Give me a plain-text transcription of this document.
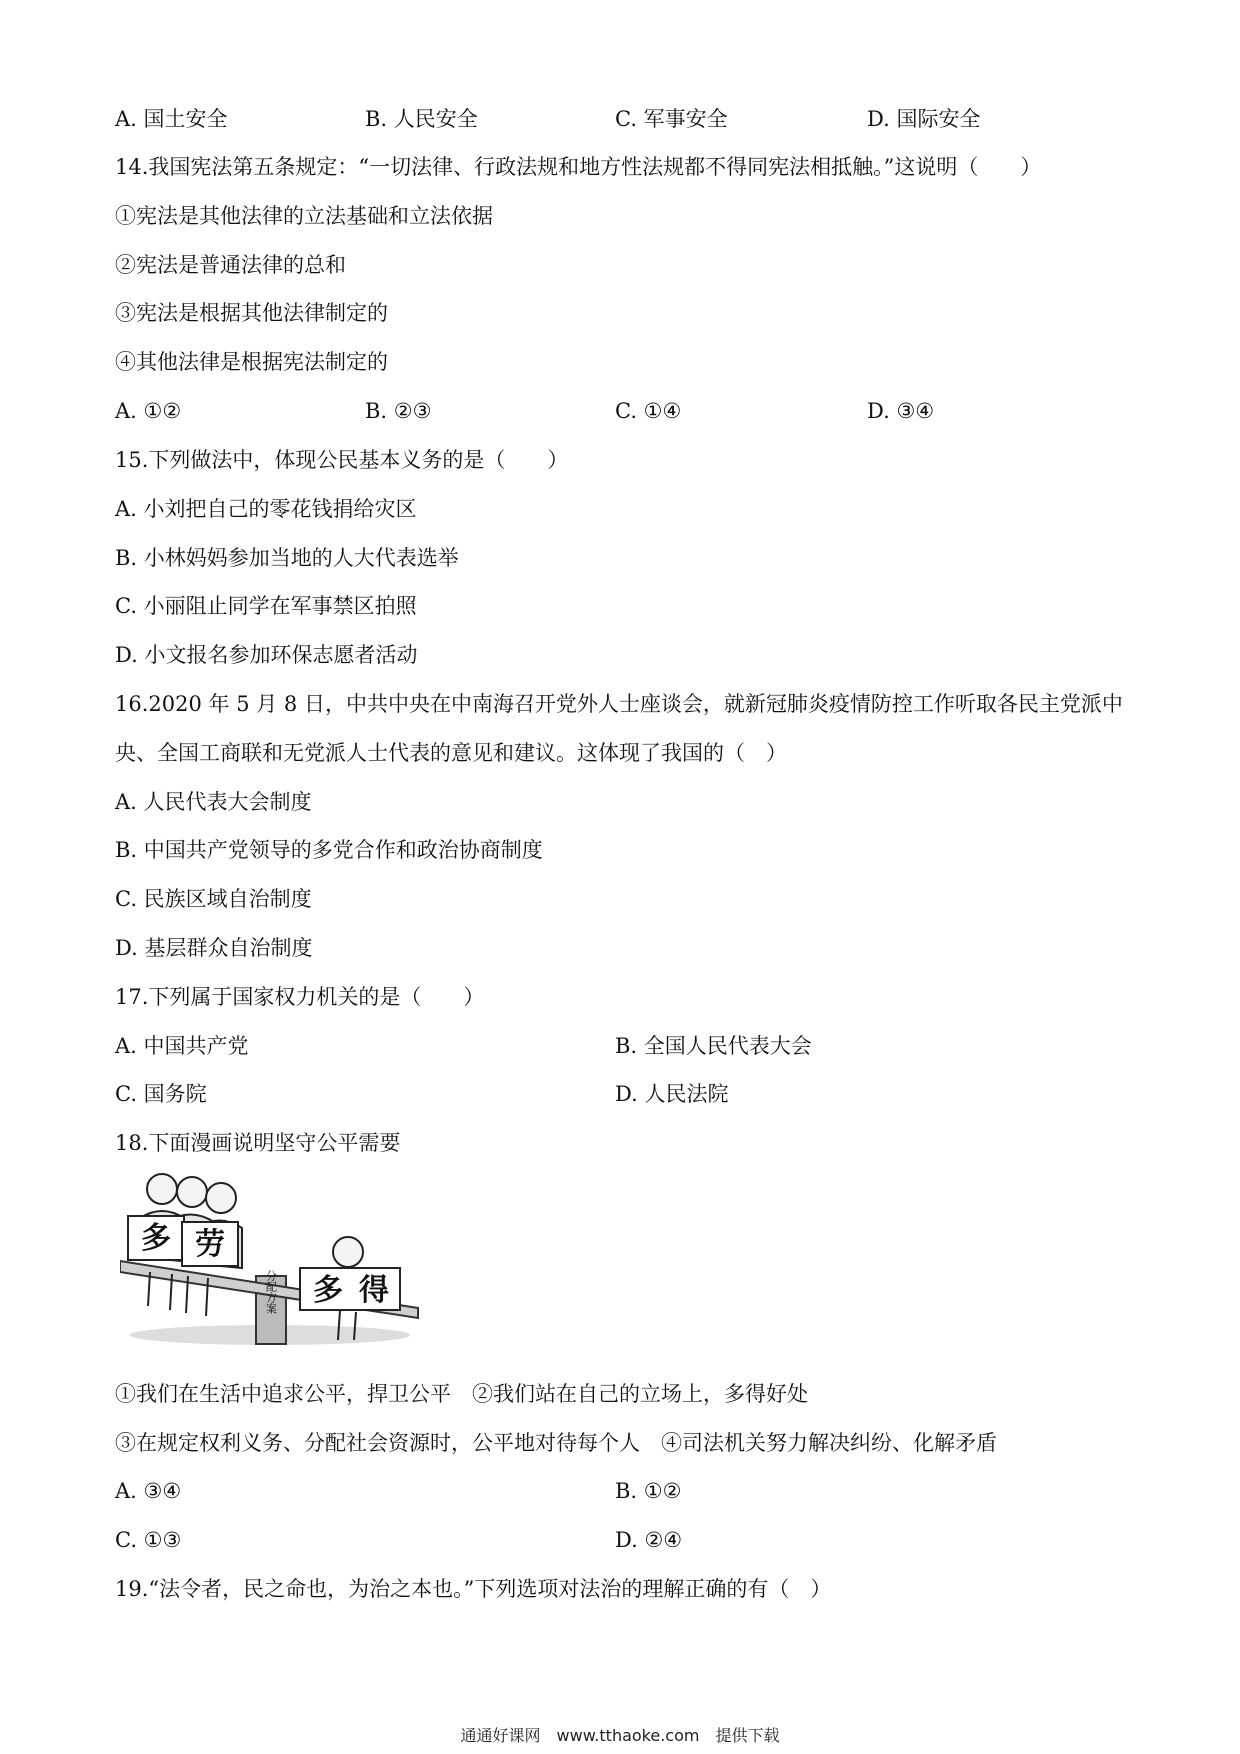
A. 国土安全	B. 人民安全	C. 军事安全	D. 国际安全
14.我国宪法第五条规定：“一切法律、行政法规和地方性法规都不得同宪法相抵触。”这说明（　　）
①宪法是其他法律的立法基础和立法依据
②宪法是普通法律的总和
③宪法是根据其他法律制定的
④其他法律是根据宪法制定的
A. ①②	B. ②③	C. ①④	D. ③④
15.下列做法中，体现公民基本义务的是（　　）
A. 小刘把自己的零花钱捐给灾区
B. 小林妈妈参加当地的人大代表选举
C. 小丽阻止同学在军事禁区拍照
D. 小文报名参加环保志愿者活动
16.2020 年 5 月 8 日，中共中央在中南海召开党外人士座谈会，就新冠肺炎疫情防控工作听取各民主党派中
央、全国工商联和无党派人士代表的意见和建议。这体现了我国的（　）
A. 人民代表大会制度
B. 中国共产党领导的多党合作和政治协商制度
C. 民族区域自治制度
D. 基层群众自治制度
17.下列属于国家权力机关的是（　　）
A. 中国共产党	B. 全国人民代表大会
C. 国务院	D. 人民法院
18.下面漫画说明坚守公平需要
多 劳
多 得
分配方案
①我们在生活中追求公平，捍卫公平　②我们站在自己的立场上，多得好处
③在规定权利义务、分配社会资源时，公平地对待每个人　④司法机关努力解决纠纷、化解矛盾
A. ③④	B. ①②
C. ①③	D. ②④
19.“法令者，民之命也，为治之本也。”下列选项对法治的理解正确的有（　）
通通好课网　www.tthaoke.com　提供下载
